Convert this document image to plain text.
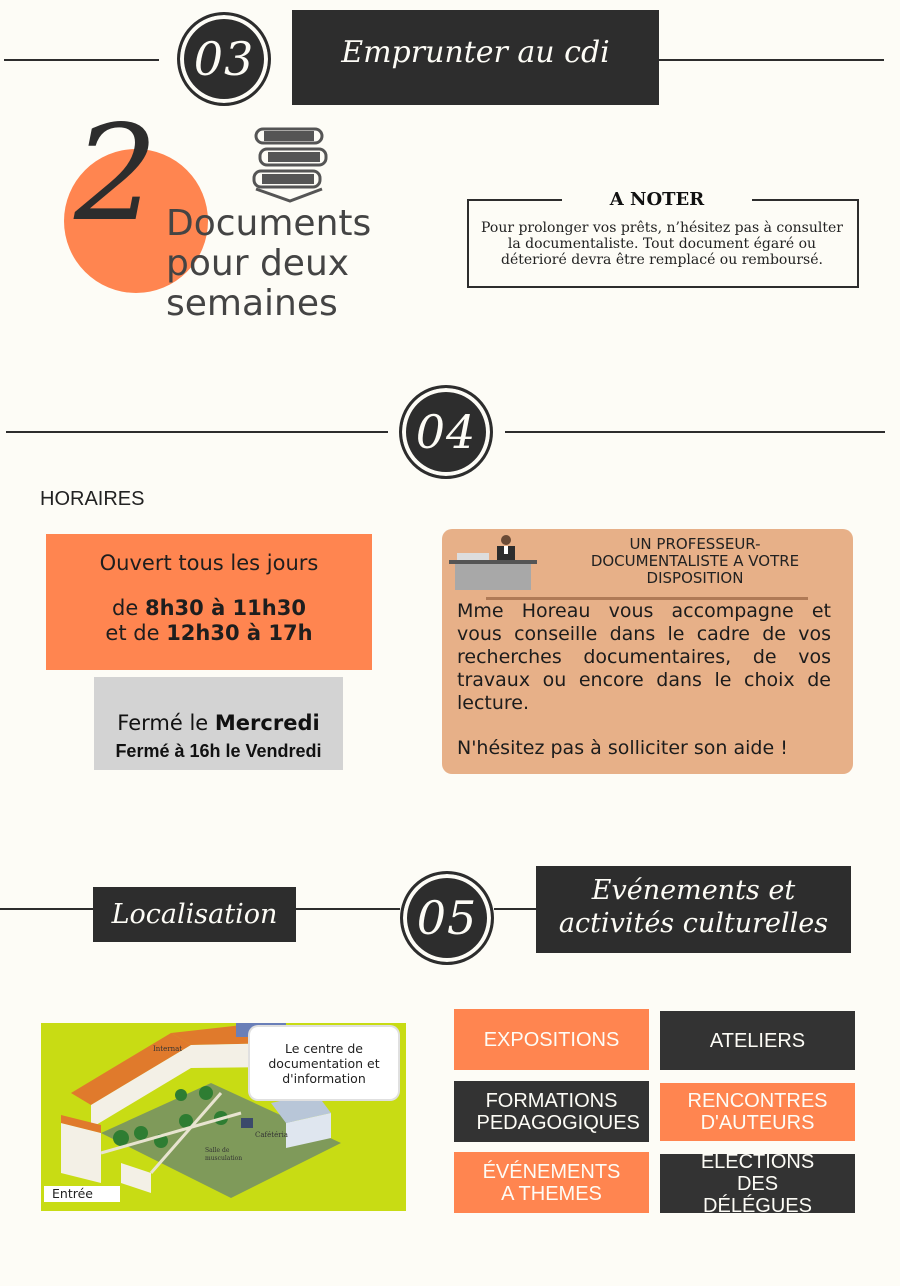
03	Emprunter au cdi
2 Documents
pour deux
semaines
A NOTER
Pour prolonger vos prêts, n’hésitez pas à consulter la documentaliste. Tout document égaré ou déterioré devra être remplacé ou remboursé.
04
HORAIRES
Ouvert tous les jours
de 8h30 à 11h30
et de 12h30 à 17h
Fermé le Mercredi
Fermé à 16h le Vendredi
UN PROFESSEUR-DOCUMENTALISTE A VOTRE DISPOSITION
Mme Horeau vous accompagne et vous conseille dans le cadre de vos recherches documentaires, de vos travaux ou encore dans le choix de lecture.
N'hésitez pas à solliciter son aide !
05
Localisation
Evénements et
activités culturelles
Internat
Cafétéria
Salle de musculation
Le centre de documentation et d'information
Entrée
EXPOSITIONS	ATELIERS
FORMATIONS PEDAGOGIQUES
RENCONTRES D'AUTEURS
ÉVÉNEMENTS A THEMES
ÉLÉCTIONS DES DÉLÉGUES
